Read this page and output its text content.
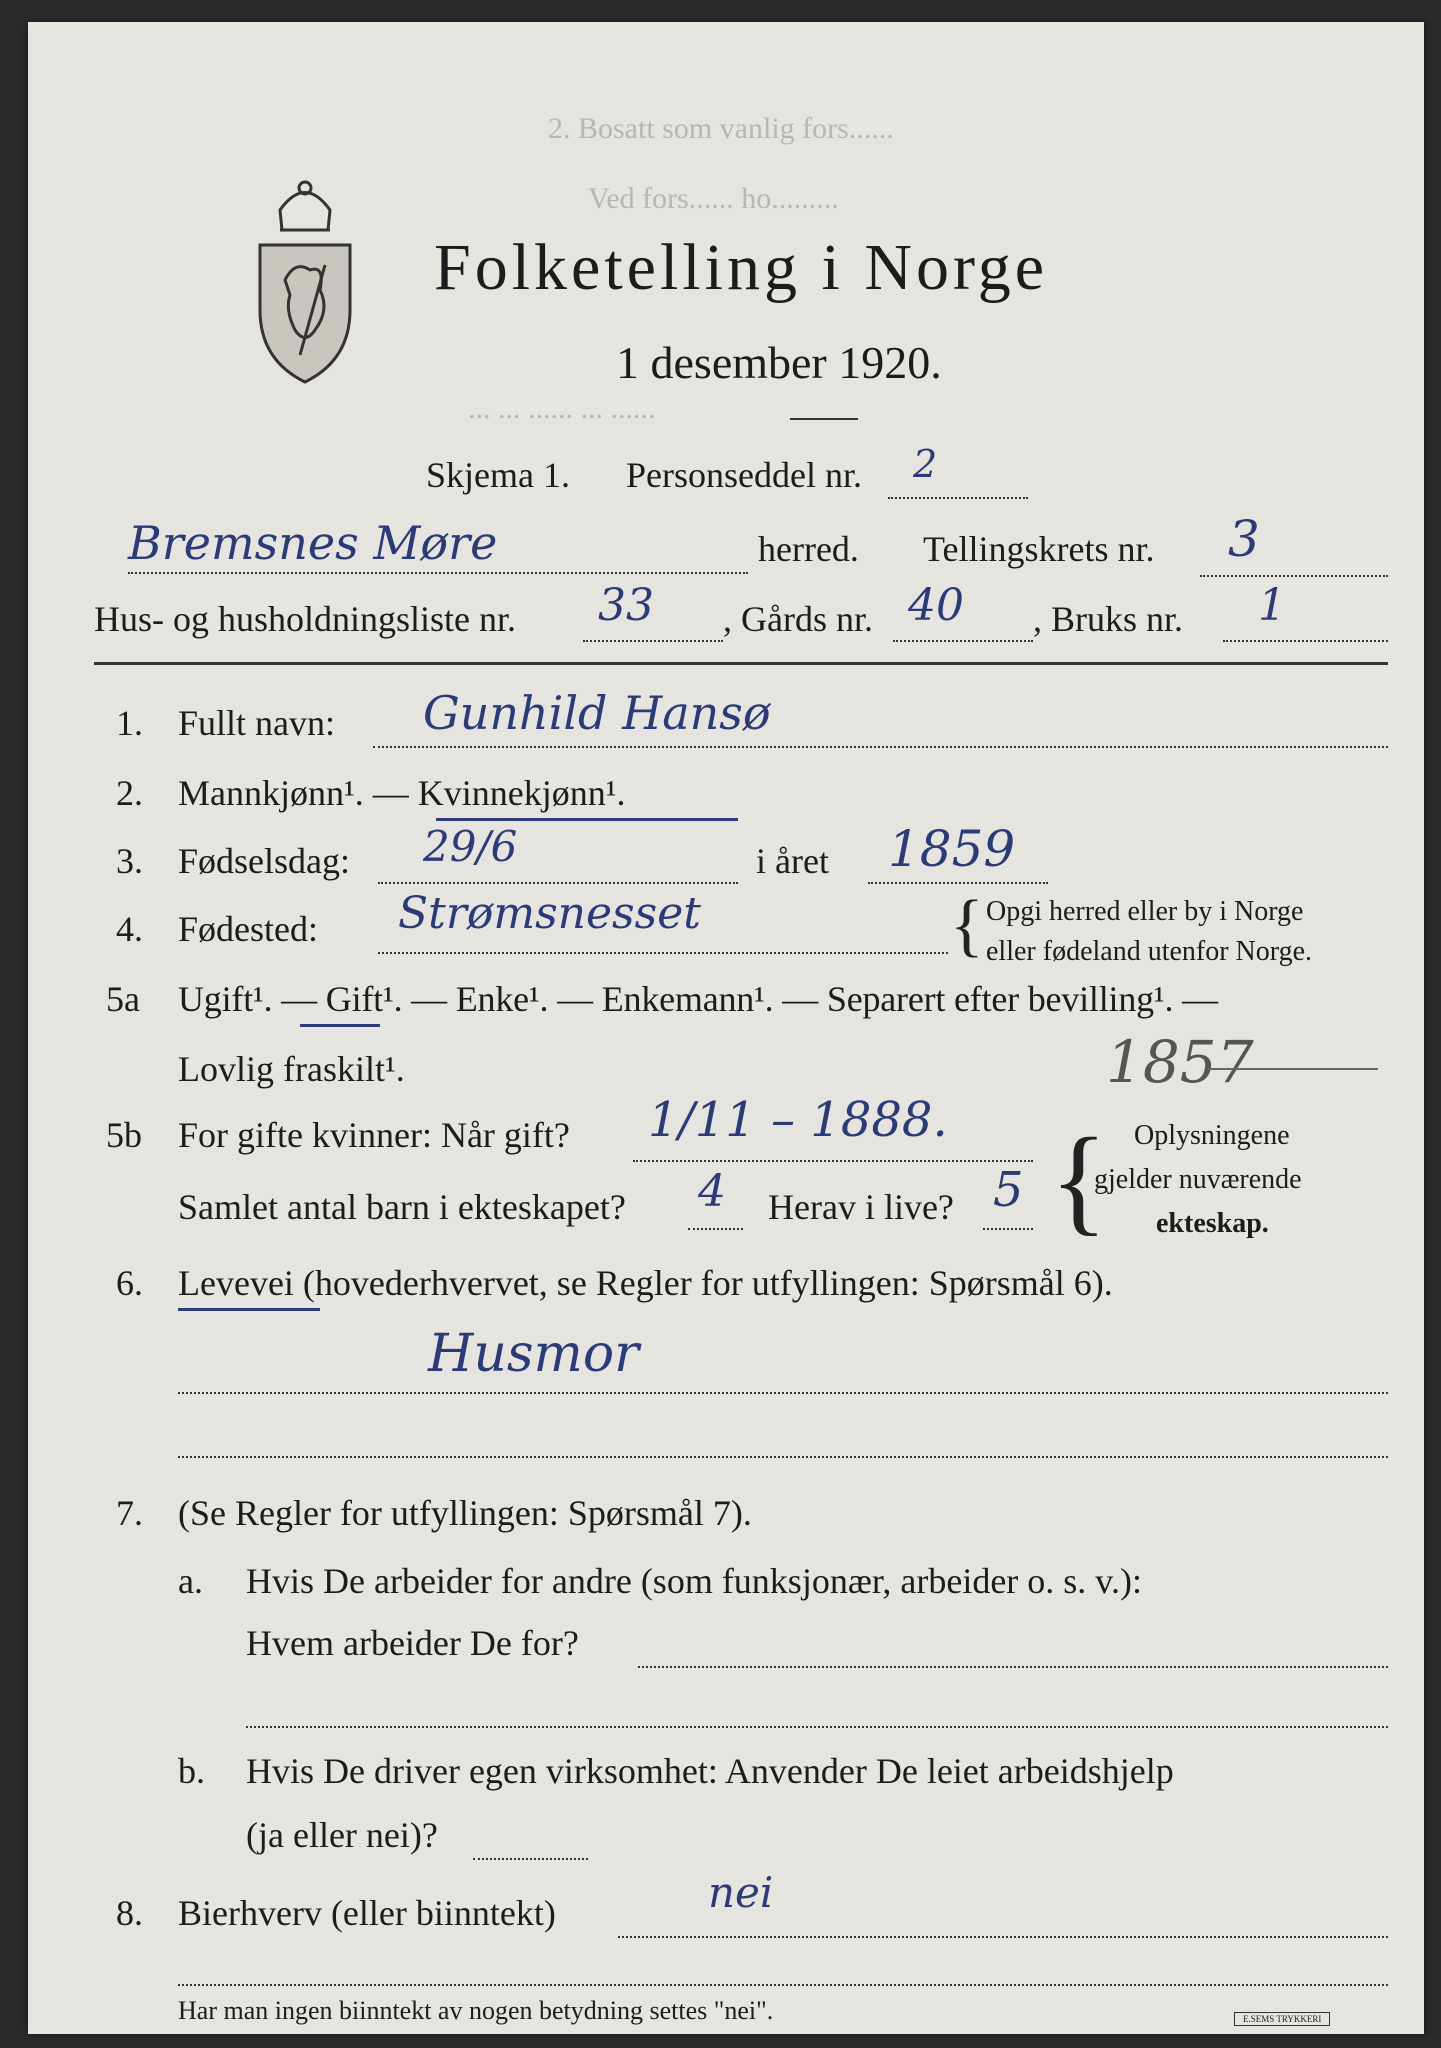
Folketelling i Norge
1 desember 1920.
Skjema 1. Personseddel nr. 2
Bremsnes Møre	herred. Tellingskrets nr. 3
Hus- og husholdningsliste nr. 33 , Gårds nr. 40 , Bruks nr. 1
2. Bosatt som vanlig fors......
Ved fors...... ho.........
... ... ...... ... ......
1. Fullt navn: Gunhild Hansø
2. Mannkjønn¹. — Kvinnekjønn¹.
3. Fødselsdag: 29/6	i året 1859
4. Fødested: Strømsnesset	{ Opgi herred eller by i Norge
eller fødeland utenfor Norge.
5a Ugift¹. — Gift¹. — Enke¹. — Enkemann¹. — Separert efter bevilling¹. —
Lovlig fraskilt¹.	1857
5b For gifte kvinner: Når gift? 1/11 – 1888.
Samlet antal barn i ekteskapet? 4 Herav i live? 5 { Oplysningene
gjelder nuværende
ekteskap.
6. Levevei (hovederhvervet, se Regler for utfyllingen: Spørsmål 6).
Husmor
7. (Se Regler for utfyllingen: Spørsmål 7).
a. Hvis De arbeider for andre (som funksjonær, arbeider o. s. v.):
Hvem arbeider De for?
b. Hvis De driver egen virksomhet: Anvender De leiet arbeidshjelp
(ja eller nei)?
8. Bierhverv (eller biinntekt)	nei
Har man ingen biinntekt av nogen betydning settes "nei".	E.SEMS TRYKKERI
